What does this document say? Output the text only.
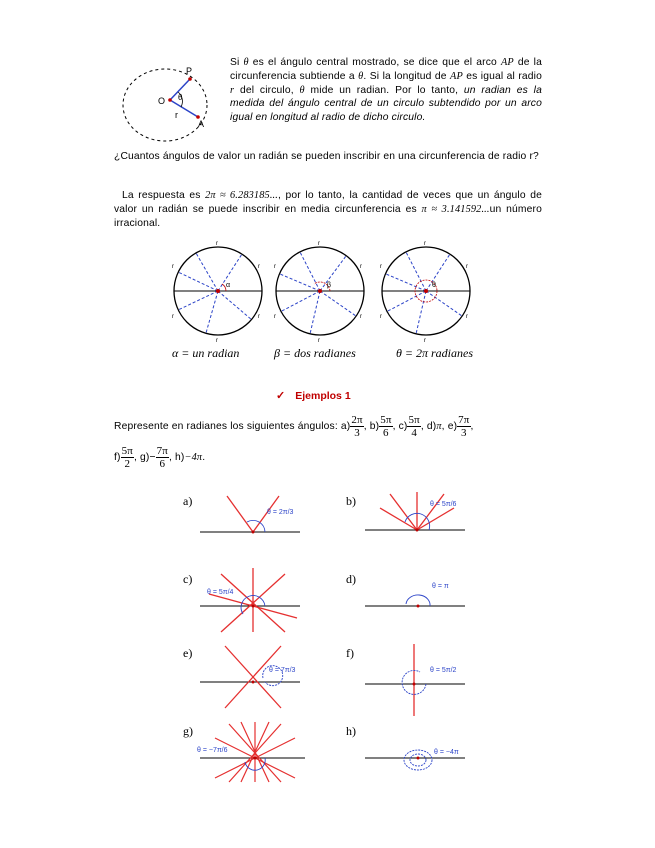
P
A
O
r
θ
Si θ es el ángulo central mostrado, se dice que el arco AP de la circunferencia subtiende a θ. Si la longitud de AP es igual al radio r del circulo, θ mide un radian. Por lo tanto, un radian es la medida del ángulo central de un circulo subtendido por un arco igual en longitud al radio de dicho circulo.
¿Cuantos ángulos de valor un radián se pueden inscribir en una circunferencia de radio r?
La respuesta es 2π ≈ 6.283185..., por lo tanto, la cantidad de veces que un ángulo de valor un radián se puede inscribir en media circunferencia es π ≈ 3.141592...un número irracional.
α
r
r
r
r
r
r
β
r
r
r
r
r
r
θ
r
r
r
r
r
r
α = un radian	β = dos radianes	θ = 2π radianes
✓ Ejemplos 1
Represente en radianes los siguientes ángulos: $a) \frac{2\pi}{3}$ , $b) \frac{5\pi}{6}$ , $c) \frac{5\pi}{4}$ , d)π, $e) \frac{7\pi}{3}$ ,
$f) \frac{5\pi}{2}$ , $g)- \frac{7\pi}{6}$ , h)−4π.
a)	b)
c)	d)
e)	f)
g)	h)
θ = 2π/3
θ = 5π/6
θ = 5π/4
θ = π
θ = 7π/3	θ = 5π/2
θ = −7π/6	θ = −4π
